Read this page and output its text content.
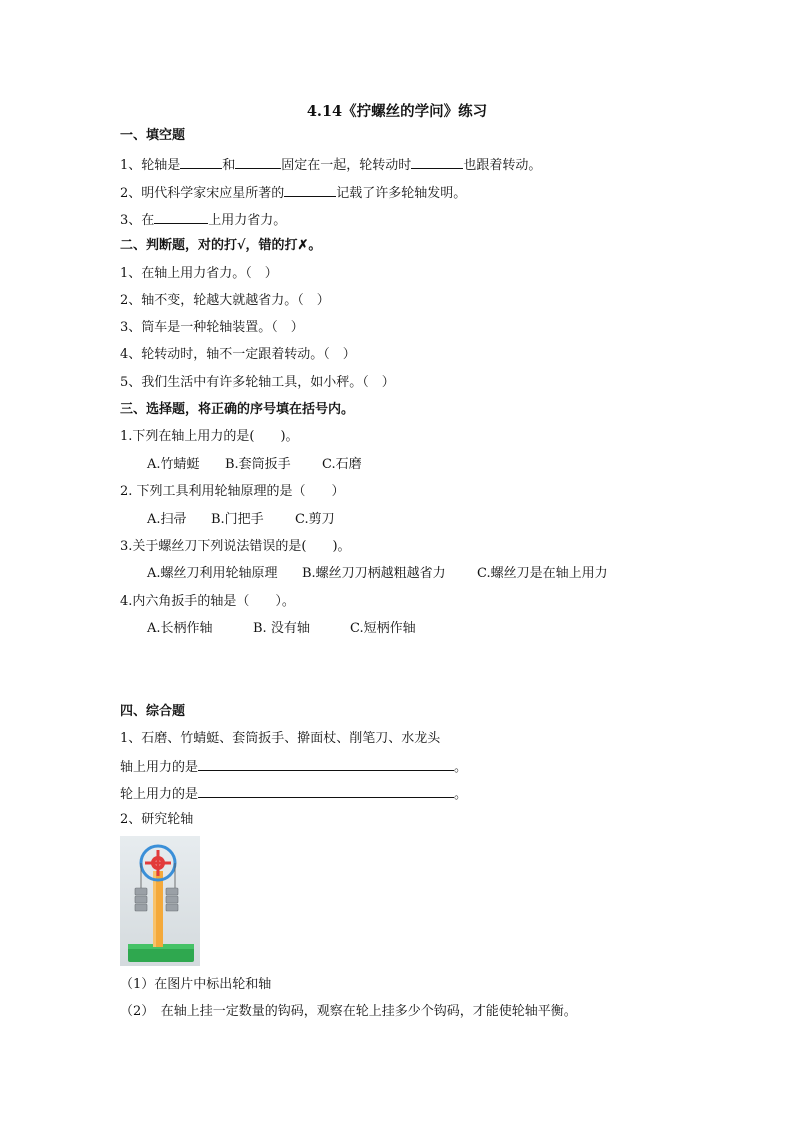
4.14《拧螺丝的学问》练习
一、填空题
1、轮轴是	和	固定在一起，轮转动时	也跟着转动。
2、明代科学家宋应星所著的	记载了许多轮轴发明。
3、在	上用力省力。
二、判断题，对的打√，错的打✗。
1、在轴上用力省力。（　）
2、轴不变，轮越大就越省力。（　）
3、筒车是一种轮轴装置。（　）
4、轮转动时，轴不一定跟着转动。（　）
5、我们生活中有许多轮轴工具，如小秤。（　）
三、选择题，将正确的序号填在括号内。
1.下列在轴上用力的是(　　)。
A.竹蜻蜓 B.套筒扳手 C.石磨
2. 下列工具利用轮轴原理的是（　　）
A.扫帚 B.门把手 C.剪刀
3.关于螺丝刀下列说法错误的是(　　)。
A.螺丝刀利用轮轴原理 B.螺丝刀刀柄越粗越省力 C.螺丝刀是在轴上用力
4.内六角扳手的轴是（　　）。
A.长柄作轴	B. 没有轴	C.短柄作轴
四、综合题
1、石磨、竹蜻蜓、套筒扳手、擀面杖、削笔刀、水龙头
轴上用力的是	。
轮上用力的是	。
2、研究轮轴
（1）在图片中标出轮和轴
（2）　在轴上挂一定数量的钩码，观察在轮上挂多少个钩码，才能使轮轴平衡。
